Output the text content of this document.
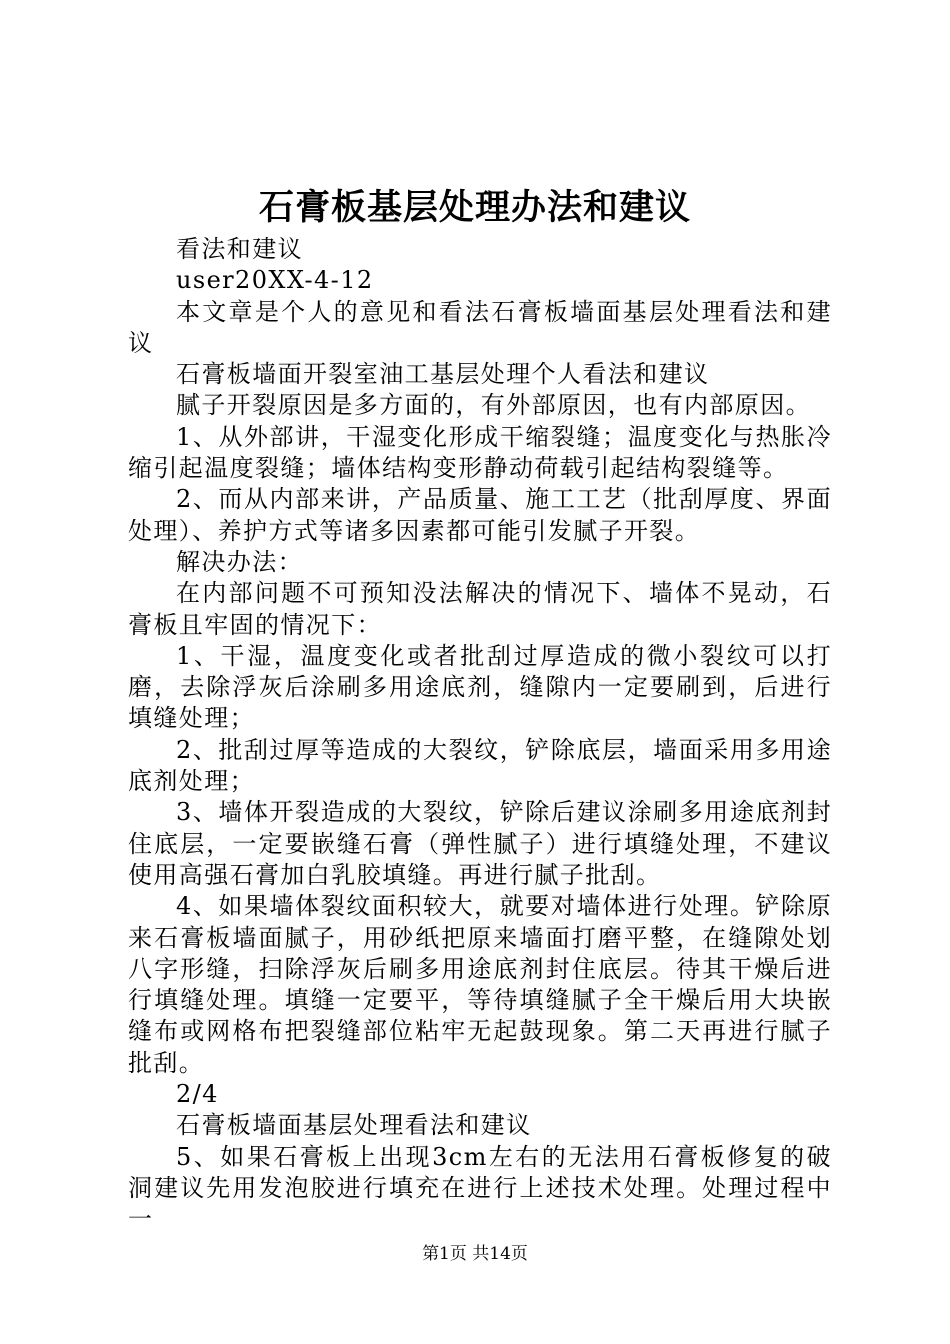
石膏板基层处理办法和建议

看法和建议

user20XX-4-12

本文章是个人的意见和看法石膏板墙面基层处理看法和建议

石膏板墙面开裂室油工基层处理个人看法和建议

腻子开裂原因是多方面的，有外部原因，也有内部原因。

1、从外部讲，干湿变化形成干缩裂缝；温度变化与热胀冷缩引起温度裂缝；墙体结构变形静动荷载引起结构裂缝等。

2、而从内部来讲，产品质量、施工工艺（批刮厚度、界面处理）、养护方式等诸多因素都可能引发腻子开裂。

解决办法：

在内部问题不可预知没法解决的情况下、墙体不晃动，石膏板且牢固的情况下：

1、干湿，温度变化或者批刮过厚造成的微小裂纹可以打磨，去除浮灰后涂刷多用途底剂，缝隙内一定要刷到，后进行填缝处理；

2、批刮过厚等造成的大裂纹，铲除底层，墙面采用多用途底剂处理；

3、墙体开裂造成的大裂纹，铲除后建议涂刷多用途底剂封住底层，一定要嵌缝石膏（弹性腻子）进行填缝处理，不建议使用高强石膏加白乳胶填缝。再进行腻子批刮。

4、如果墙体裂纹面积较大，就要对墙体进行处理。铲除原来石膏板墙面腻子，用砂纸把原来墙面打磨平整，在缝隙处划八字形缝，扫除浮灰后刷多用途底剂封住底层。待其干燥后进行填缝处理。填缝一定要平，等待填缝腻子全干燥后用大块嵌缝布或网格布把裂缝部位粘牢无起鼓现象。第二天再进行腻子批刮。

2/4

石膏板墙面基层处理看法和建议

5、如果石膏板上出现3cm左右的无法用石膏板修复的破洞建议先用发泡胶进行填充在进行上述技术处理。处理过程中一

第1页 共14页
